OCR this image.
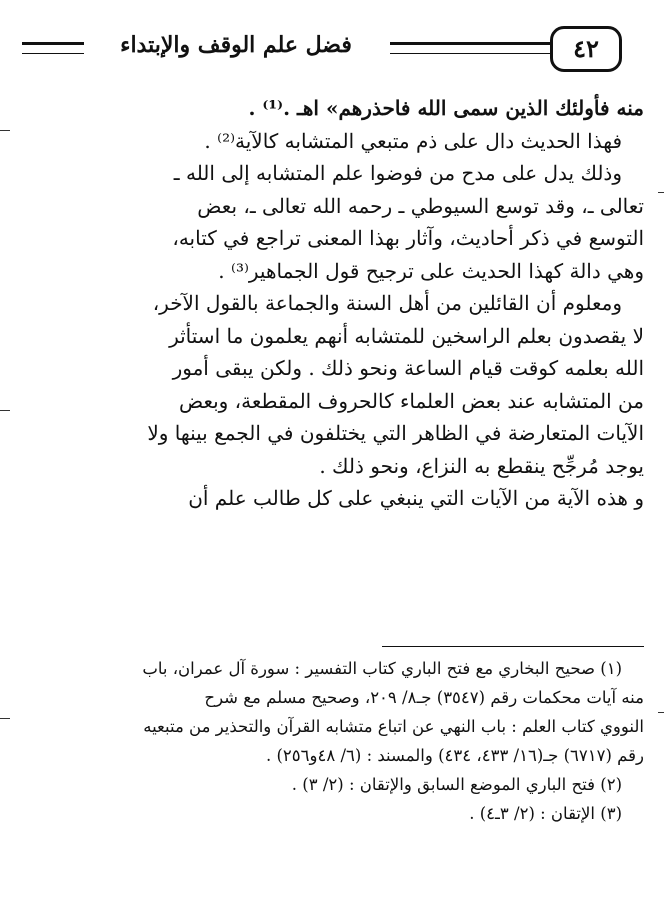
فضل علم الوقف والإبتداء	٤٢
منه فأولئك الذين سمى الله فاحذرهم» اهـ .⁽¹⁾ .
فهذا الحديث دال على ذم متبعي المتشابه كالآية⁽²⁾ .
وذلك يدل على مدح من فوضوا علم المتشابه إلى الله ـ
تعالى ـ، وقد توسع السيوطي ـ رحمه الله تعالى ـ، بعض
التوسع في ذكر أحاديث، وآثار بهذا المعنى تراجع في كتابه،
وهي دالة كهذا الحديث على ترجيح قول الجماهير⁽³⁾ .
ومعلوم أن القائلين من أهل السنة والجماعة بالقول الآخر،
لا يقصدون بعلم الراسخين للمتشابه أنهم يعلمون ما استأثر
الله بعلمه كوقت قيام الساعة ونحو ذلك . ولكن يبقى أمور
من المتشابه عند بعض العلماء كالحروف المقطعة، وبعض
الآيات المتعارضة في الظاهر التي يختلفون في الجمع بينها ولا
يوجد مُرجِّح ينقطع به النزاع، ونحو ذلك .
و هذه الآية من الآيات التي ينبغي على كل طالب علم أن
(١) صحيح البخاري مع فتح الباري كتاب التفسير : سورة آل عمران، باب
منه آيات محكمات رقم (٣٥٤٧) جـ٨/ ٢٠٩، وصحيح مسلم مع شرح
النووي كتاب العلم : باب النهي عن اتباع متشابه القرآن والتحذير من متبعيه
رقم (٦٧١٧) جـ(١٦/ ٤٣٣، ٤٣٤) والمسند : (٦/ ٤٨و٢٥٦) .
(٢) فتح الباري الموضع السابق والإتقان : (٢/ ٣) .
(٣) الإتقان : (٢/ ٣ـ٤) .
